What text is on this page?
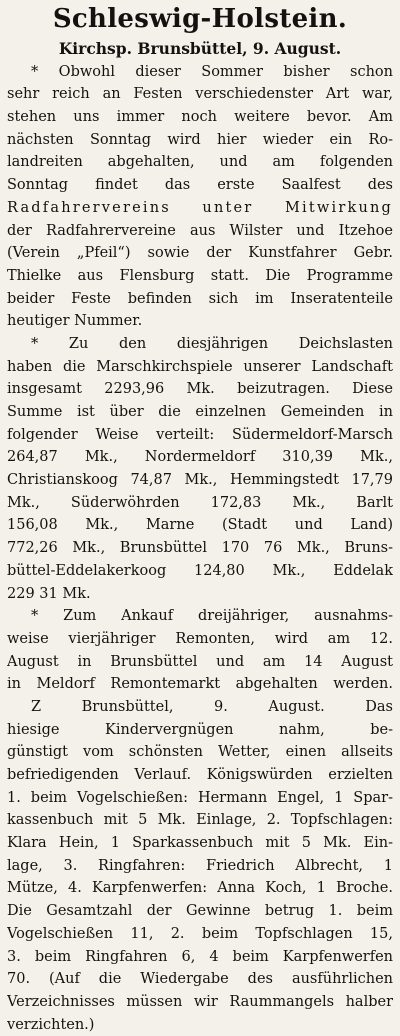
Schleswig-Holstein.
Kirchsp. Brunsbüttel, 9. August.
* Obwohl dieser Sommer bisher schon
sehr reich an Festen verschiedenster Art war,
stehen uns immer noch weitere bevor. Am
nächsten Sonntag wird hier wieder ein Ro-
landreiten abgehalten, und am folgenden
Sonntag findet das erste Saalfest des
Radfahrervereins unter Mitwirkung
der Radfahrervereine aus Wilster und Itzehoe
(Verein „Pfeil“) sowie der Kunstfahrer Gebr.
Thielke aus Flensburg statt. Die Programme
beider Feste befinden sich im Inseratenteile
heutiger Nummer.
* Zu den diesjährigen Deichslasten
haben die Marschkirchspiele unserer Landschaft
insgesamt 2293,96 Mk. beizutragen. Diese
Summe ist über die einzelnen Gemeinden in
folgender Weise verteilt: Südermeldorf-Marsch
264,87 Mk., Nordermeldorf 310,39 Mk.,
Christianskoog 74,87 Mk., Hemmingstedt 17,79
Mk., Süderwöhrden 172,83 Mk., Barlt
156,08 Mk., Marne (Stadt und Land)
772,26 Mk., Brunsbüttel 170 76 Mk., Bruns-
büttel-Eddelakerkoog 124,80 Mk., Eddelak
229 31 Mk.
* Zum Ankauf dreijähriger, ausnahms-
weise vierjähriger Remonten, wird am 12.
August in Brunsbüttel und am 14 August
in Meldorf Remontemarkt abgehalten werden.
Z Brunsbüttel, 9. August. Das
hiesige Kindervergnügen nahm, be-
günstigt vom schönsten Wetter, einen allseits
befriedigenden Verlauf. Königswürden erzielten
1. beim Vogelschießen: Hermann Engel, 1 Spar-
kassenbuch mit 5 Mk. Einlage, 2. Topfschlagen:
Klara Hein, 1 Sparkassenbuch mit 5 Mk. Ein-
lage, 3. Ringfahren: Friedrich Albrecht, 1
Mütze, 4. Karpfenwerfen: Anna Koch, 1 Broche.
Die Gesamtzahl der Gewinne betrug 1. beim
Vogelschießen 11, 2. beim Topfschlagen 15,
3. beim Ringfahren 6, 4 beim Karpfenwerfen
70. (Auf die Wiedergabe des ausführlichen
Verzeichnisses müssen wir Raummangels halber
verzichten.)
